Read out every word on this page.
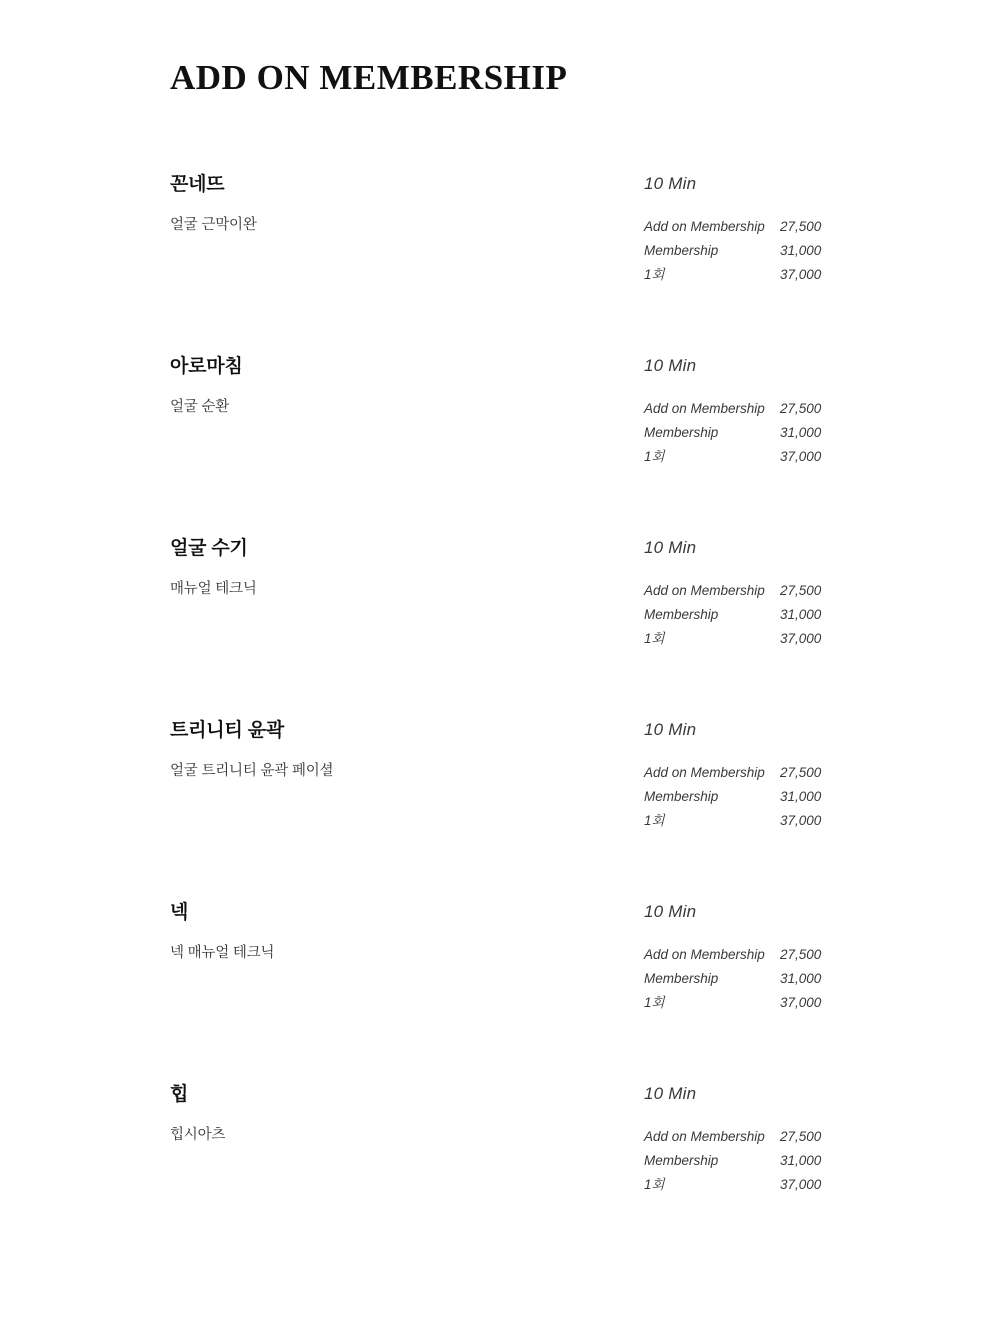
ADD ON MEMBERSHIP
꼰네뜨
얼굴 근막이완
10 Min
Add on Membership	27,500
Membership	31,000
1회	37,000
아로마침
얼굴 순환
10 Min
Add on Membership	27,500
Membership	31,000
1회	37,000
얼굴 수기
매뉴얼 테크닉
10 Min
Add on Membership	27,500
Membership	31,000
1회	37,000
트리니티 윤곽
얼굴 트리니티 윤곽 페이셜
10 Min
Add on Membership	27,500
Membership	31,000
1회	37,000
넥
넥 매뉴얼 테크닉
10 Min
Add on Membership	27,500
Membership	31,000
1회	37,000
힙
힙시아츠
10 Min
Add on Membership	27,500
Membership	31,000
1회	37,000
